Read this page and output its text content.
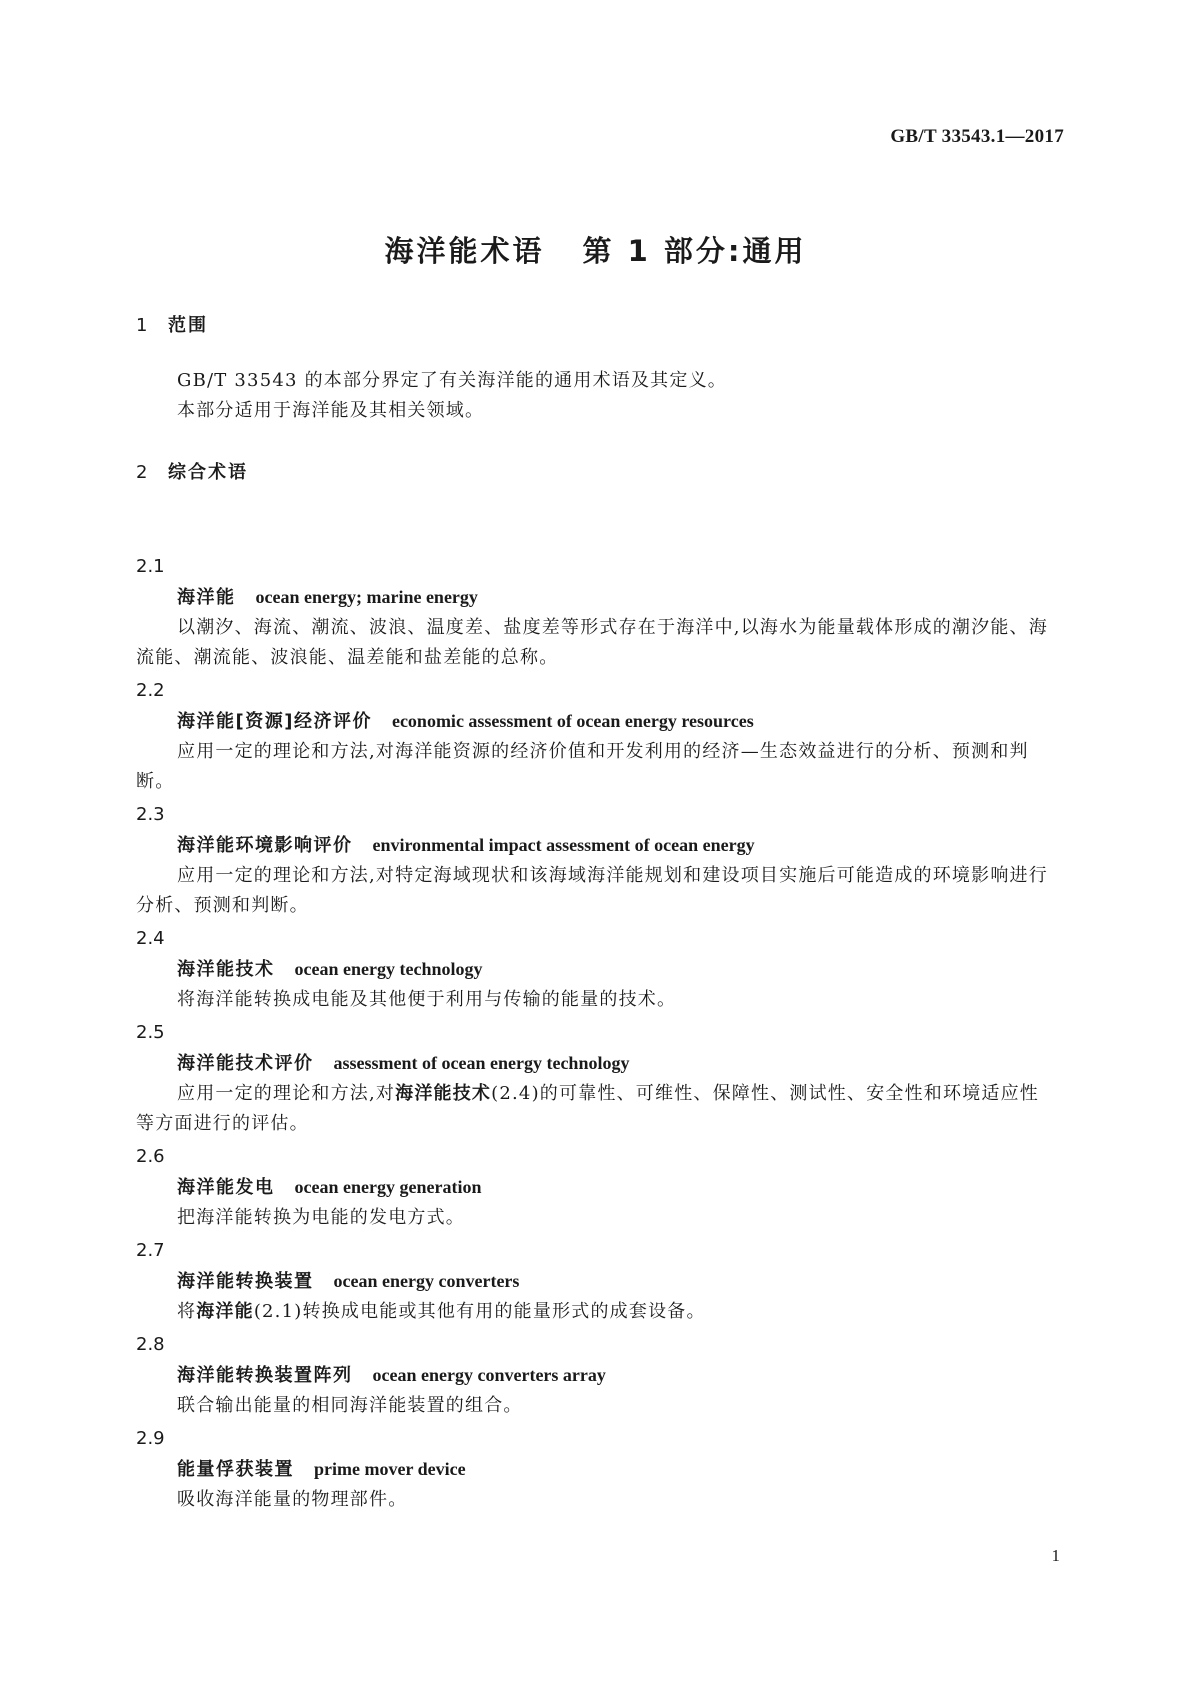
GB/T 33543.1—2017
海洋能术语 第 1 部分:通用
1 范围
GB/T 33543 的本部分界定了有关海洋能的通用术语及其定义。
本部分适用于海洋能及其相关领域。
2 综合术语
2.1
海洋能 ocean energy; marine energy
以潮汐、海流、潮流、波浪、温度差、盐度差等形式存在于海洋中,以海水为能量载体形成的潮汐能、海流能、潮流能、波浪能、温差能和盐差能的总称。
2.2
海洋能[资源]经济评价 economic assessment of ocean energy resources
应用一定的理论和方法,对海洋能资源的经济价值和开发利用的经济—生态效益进行的分析、预测和判断。
2.3
海洋能环境影响评价 environmental impact assessment of ocean energy
应用一定的理论和方法,对特定海域现状和该海域海洋能规划和建设项目实施后可能造成的环境影响进行分析、预测和判断。
2.4
海洋能技术 ocean energy technology
将海洋能转换成电能及其他便于利用与传输的能量的技术。
2.5
海洋能技术评价 assessment of ocean energy technology
应用一定的理论和方法,对海洋能技术(2.4)的可靠性、可维性、保障性、测试性、安全性和环境适应性等方面进行的评估。
2.6
海洋能发电 ocean energy generation
把海洋能转换为电能的发电方式。
2.7
海洋能转换装置 ocean energy converters
将海洋能(2.1)转换成电能或其他有用的能量形式的成套设备。
2.8
海洋能转换装置阵列 ocean energy converters array
联合输出能量的相同海洋能装置的组合。
2.9
能量俘获装置 prime mover device
吸收海洋能量的物理部件。
1
